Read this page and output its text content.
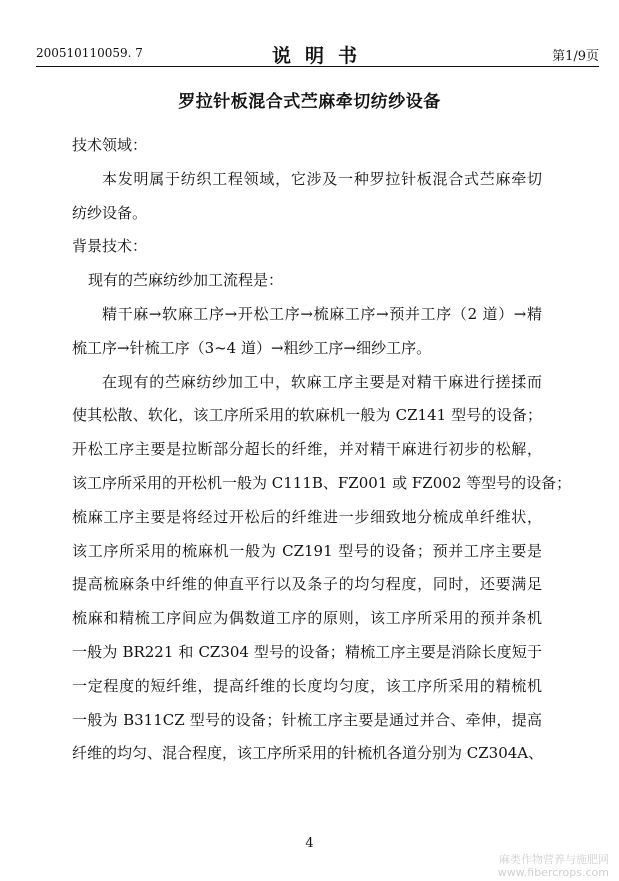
200510110059. 7	说明书	第1/9页
罗拉针板混合式苎麻牵切纺纱设备
技术领域：
本发明属于纺织工程领域，它涉及一种罗拉针板混合式苎麻牵切
纺纱设备。
背景技术：
现有的苎麻纺纱加工流程是：
精干麻→软麻工序→开松工序→梳麻工序→预并工序（2 道）→精
梳工序→针梳工序（3~4 道）→粗纱工序→细纱工序。
在现有的苎麻纺纱加工中，软麻工序主要是对精干麻进行搓揉而
使其松散、软化，该工序所采用的软麻机一般为 CZ141 型号的设备；
开松工序主要是拉断部分超长的纤维，并对精干麻进行初步的松解，
该工序所采用的开松机一般为 C111B、FZ001 或 FZ002 等型号的设备；
梳麻工序主要是将经过开松后的纤维进一步细致地分梳成单纤维状，
该工序所采用的梳麻机一般为 CZ191 型号的设备；预并工序主要是
提高梳麻条中纤维的伸直平行以及条子的均匀程度，同时，还要满足
梳麻和精梳工序间应为偶数道工序的原则，该工序所采用的预并条机
一般为 BR221 和 CZ304 型号的设备；精梳工序主要是消除长度短于
一定程度的短纤维，提高纤维的长度均匀度，该工序所采用的精梳机
一般为 B311CZ 型号的设备；针梳工序主要是通过并合、牵伸，提高
纤维的均匀、混合程度，该工序所采用的针梳机各道分别为 CZ304A、
4
麻类作物营养与施肥网
www.fibercrops.com
